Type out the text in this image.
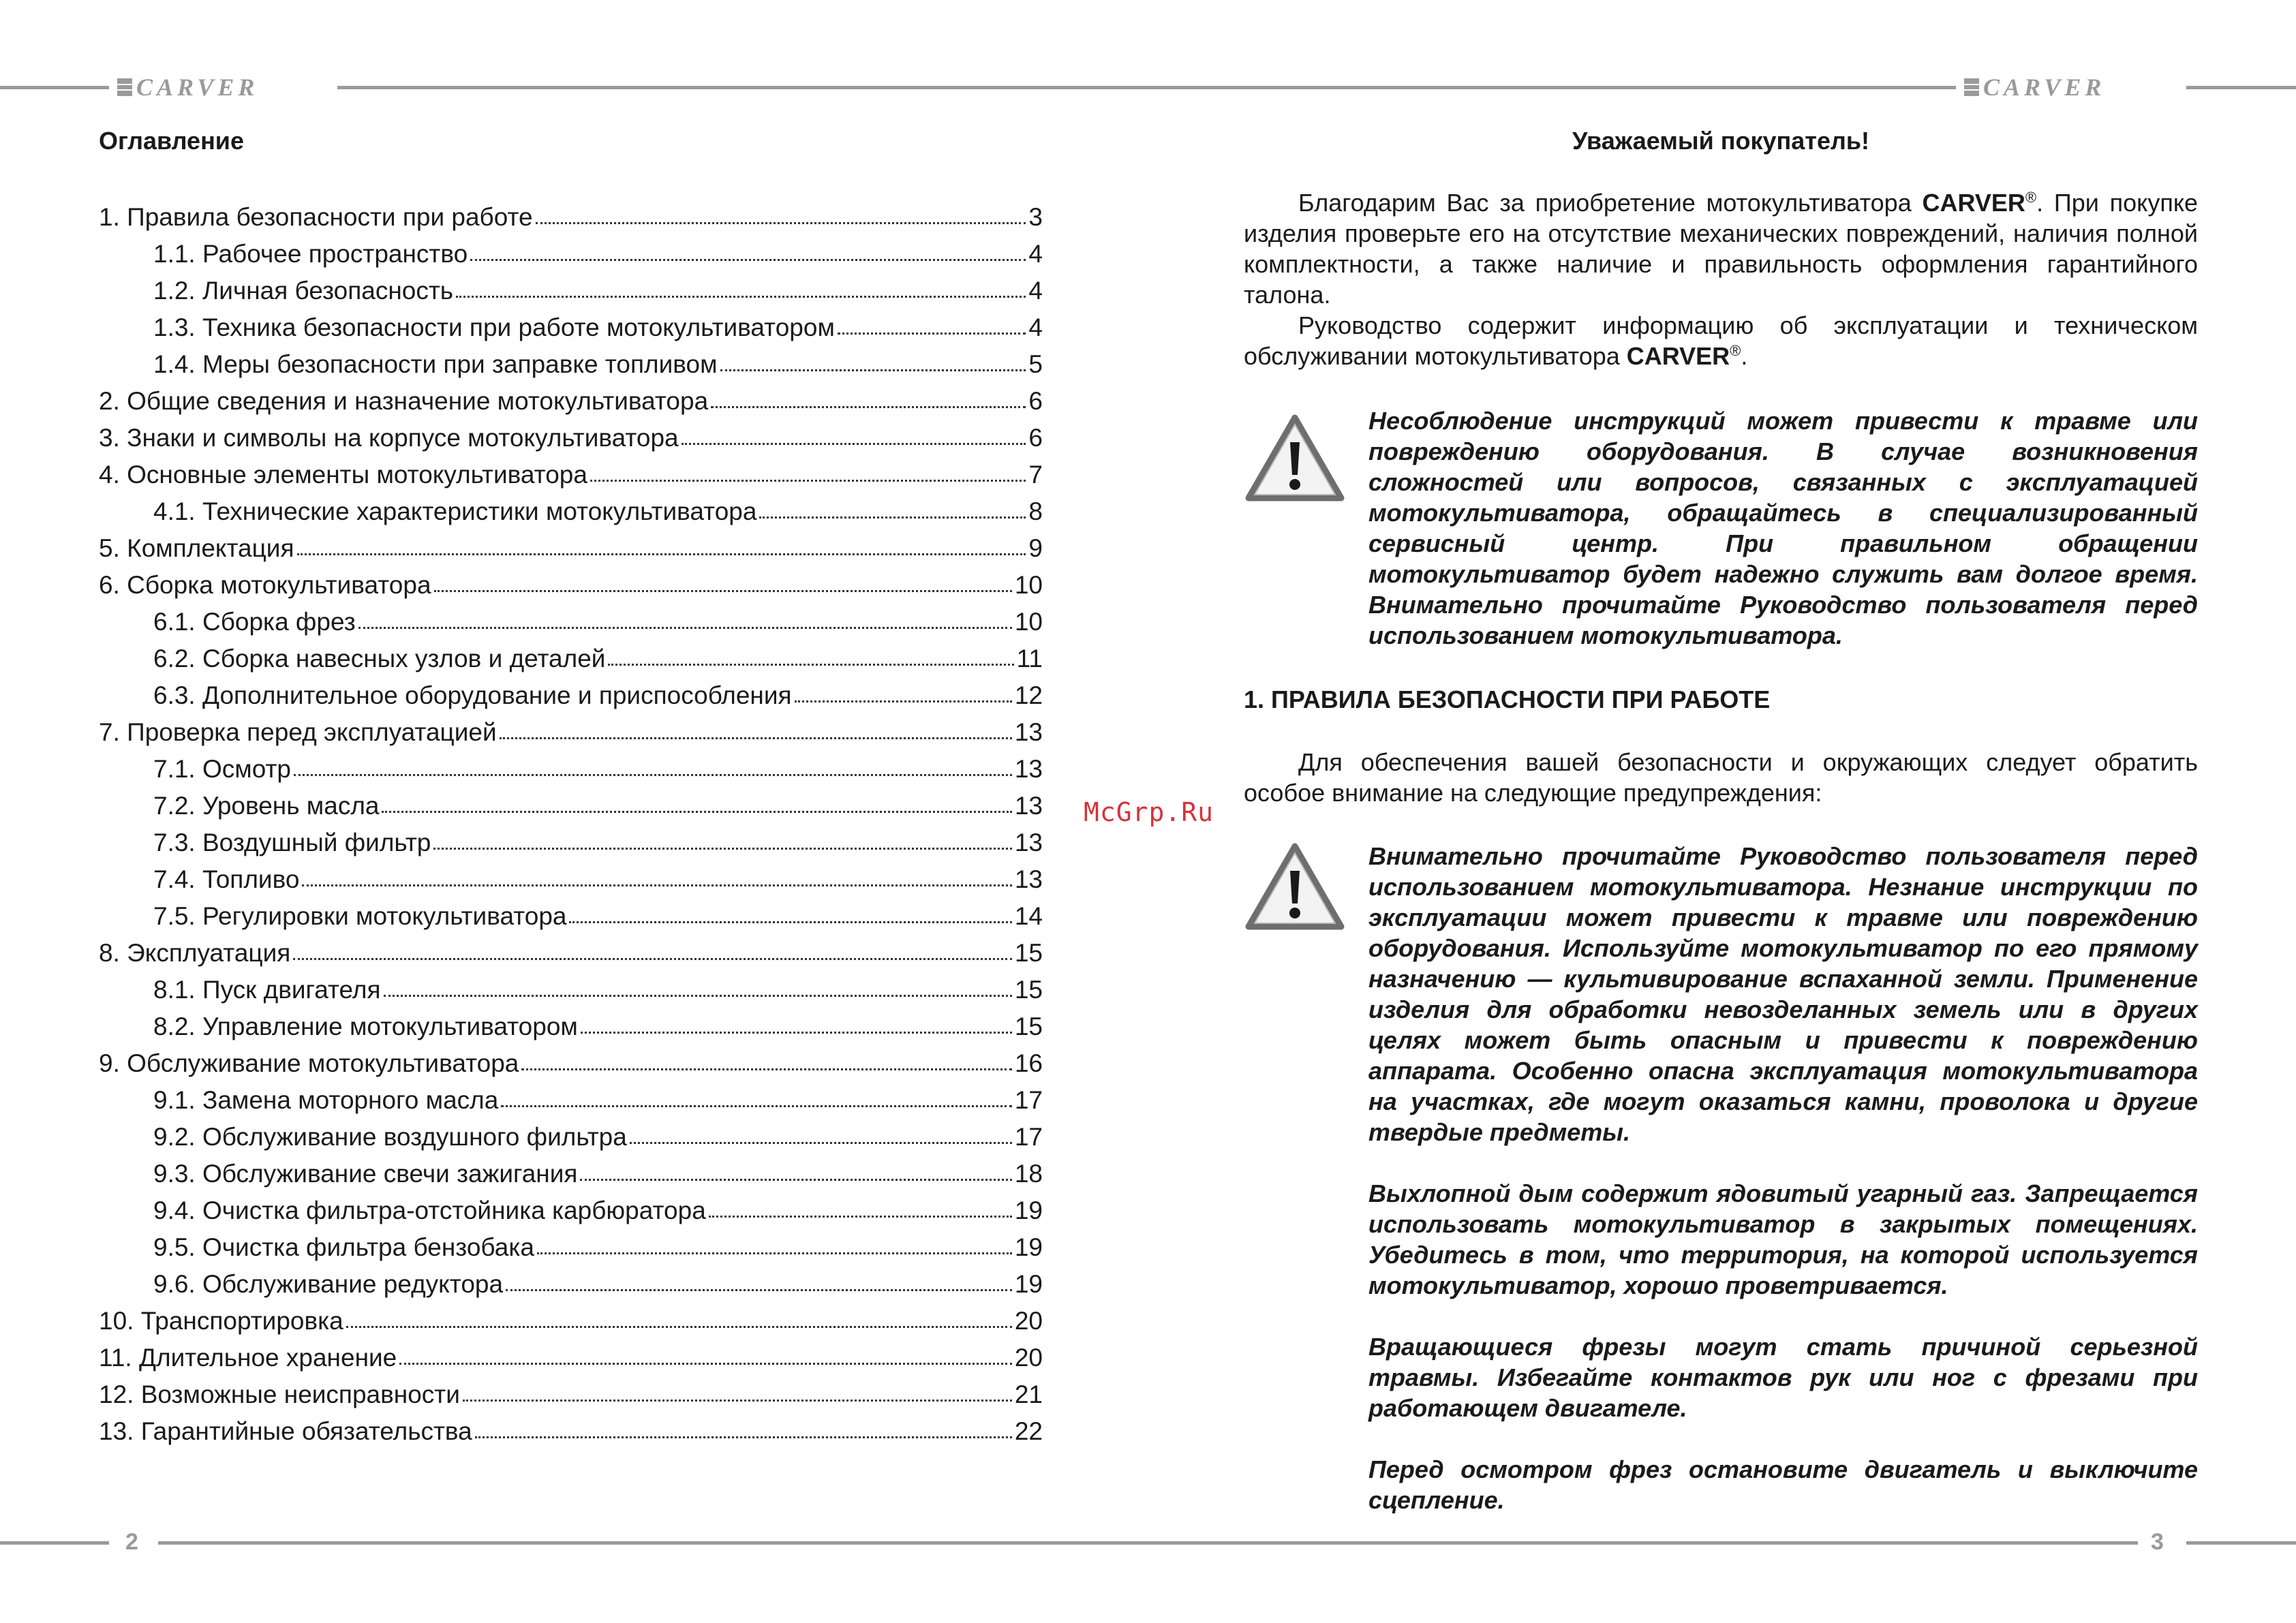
CARVER	CARVER
Оглавление
1. Правила безопасности при работе	3
1.1. Рабочее пространство	4
1.2. Личная безопасность	4
1.3. Техника безопасности при работе мотокультиватором	4
1.4. Меры безопасности при заправке топливом	5
2. Общие сведения и назначение мотокультиватора	6
3. Знаки и символы на корпусе мотокультиватора	6
4. Основные элементы мотокультиватора	7
4.1. Технические характеристики мотокультиватора	8
5. Комплектация	9
6. Сборка мотокультиватора	10
6.1. Сборка фрез	10
6.2. Сборка навесных узлов и деталей	11
6.3. Дополнительное оборудование и приспособления	12
7. Проверка перед эксплуатацией	13
7.1. Осмотр	13
7.2. Уровень масла	13
7.3. Воздушный фильтр	13
7.4. Топливо	13
7.5. Регулировки мотокультиватора	14
8. Эксплуатация	15
8.1. Пуск двигателя	15
8.2. Управление мотокультиватором	15
9. Обслуживание мотокультиватора	16
9.1. Замена моторного масла	17
9.2. Обслуживание воздушного фильтра	17
9.3. Обслуживание свечи зажигания	18
9.4. Очистка фильтра-отстойника карбюратора	19
9.5. Очистка фильтра бензобака	19
9.6. Обслуживание редуктора	19
10. Транспортировка	20
11. Длительное хранение	20
12. Возможные неисправности	21
13. Гарантийные обязательства	22
McGrp.Ru
Уважаемый покупатель!

Благодарим Вас за приобретение мотокультиватора CARVER®. При покупке изделия проверьте его на отсутствие механических повреждений, наличия полной комплектности, а также наличие и правильность оформления гарантийного талона.

Руководство содержит информацию об эксплуатации и техническом обслуживании мотокультиватора CARVER®.

Несоблюдение инструкций может привести к травме или повреждению оборудования. В случае возникновения сложностей или вопросов, связанных с эксплуатацией мотокультиватора, обращайтесь в специализированный сервисный центр. При правильном обращении мотокультиватор будет надежно служить вам долгое время. Внимательно прочитайте Руководство пользователя перед использованием мотокультиватора.

1. ПРАВИЛА БЕЗОПАСНОСТИ ПРИ РАБОТЕ

Для обеспечения вашей безопасности и окружающих следует обратить особое внимание на следующие предупреждения:

Внимательно прочитайте Руководство пользователя перед использованием мотокультиватора. Незнание инструкции по эксплуатации может привести к травме или повреждению оборудования. Используйте мотокультиватор по его прямому назначению — культивирование вспаханной земли. Применение изделия для обработки невозделанных земель или в других целях может быть опасным и привести к повреждению аппарата. Особенно опасна эксплуатация мотокультиватора на участках, где могут оказаться камни, проволока и другие твердые предметы.

Выхлопной дым содержит ядовитый угарный газ. Запрещается использовать мотокультиватор в закрытых помещениях. Убедитесь в том, что территория, на которой используется мотокультиватор, хорошо проветривается.

Вращающиеся фрезы могут стать причиной серьезной травмы. Избегайте контактов рук или ног с фрезами при работающем двигателе.

Перед осмотром фрез остановите двигатель и выключите сцепление.

2	3
